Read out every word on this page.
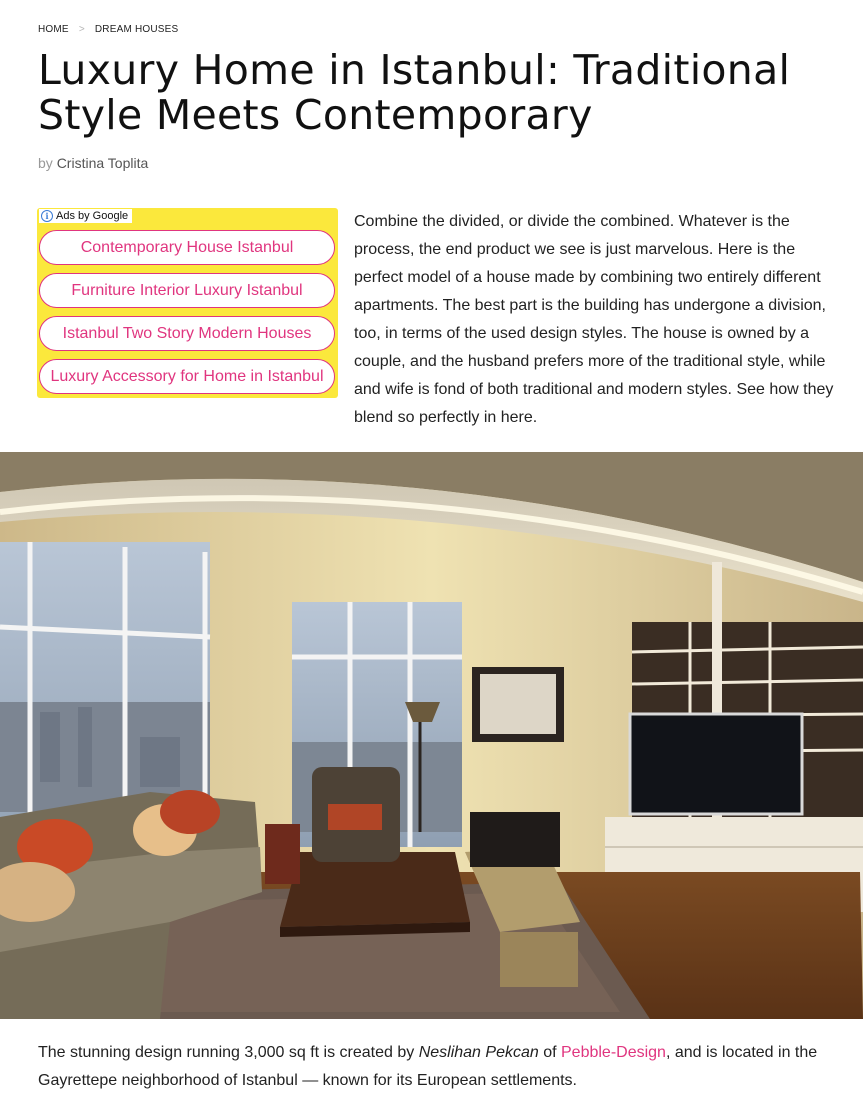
HOME > DREAM HOUSES
Luxury Home in Istanbul: Traditional Style Meets Contemporary
by Cristina Toplita
i Ads by Google
Contemporary House Istanbul
Furniture Interior Luxury Istanbul
Istanbul Two Story Modern Houses
Luxury Accessory for Home in Istanbul

Combine the divided, or divide the combined. Whatever is the process, the end product we see is just marvelous. Here is the perfect model of a house made by combining two entirely different apartments. The best part is the building has undergone a division, too, in terms of the used design styles. The house is owned by a couple, and the husband prefers more of the traditional style, while and wife is fond of both traditional and modern styles. See how they blend so perfectly in here.

The stunning design running 3,000 sq ft is created by Neslihan Pekcan of Pebble-Design, and is located in the Gayrettepe neighborhood of Istanbul — known for its European settlements.
